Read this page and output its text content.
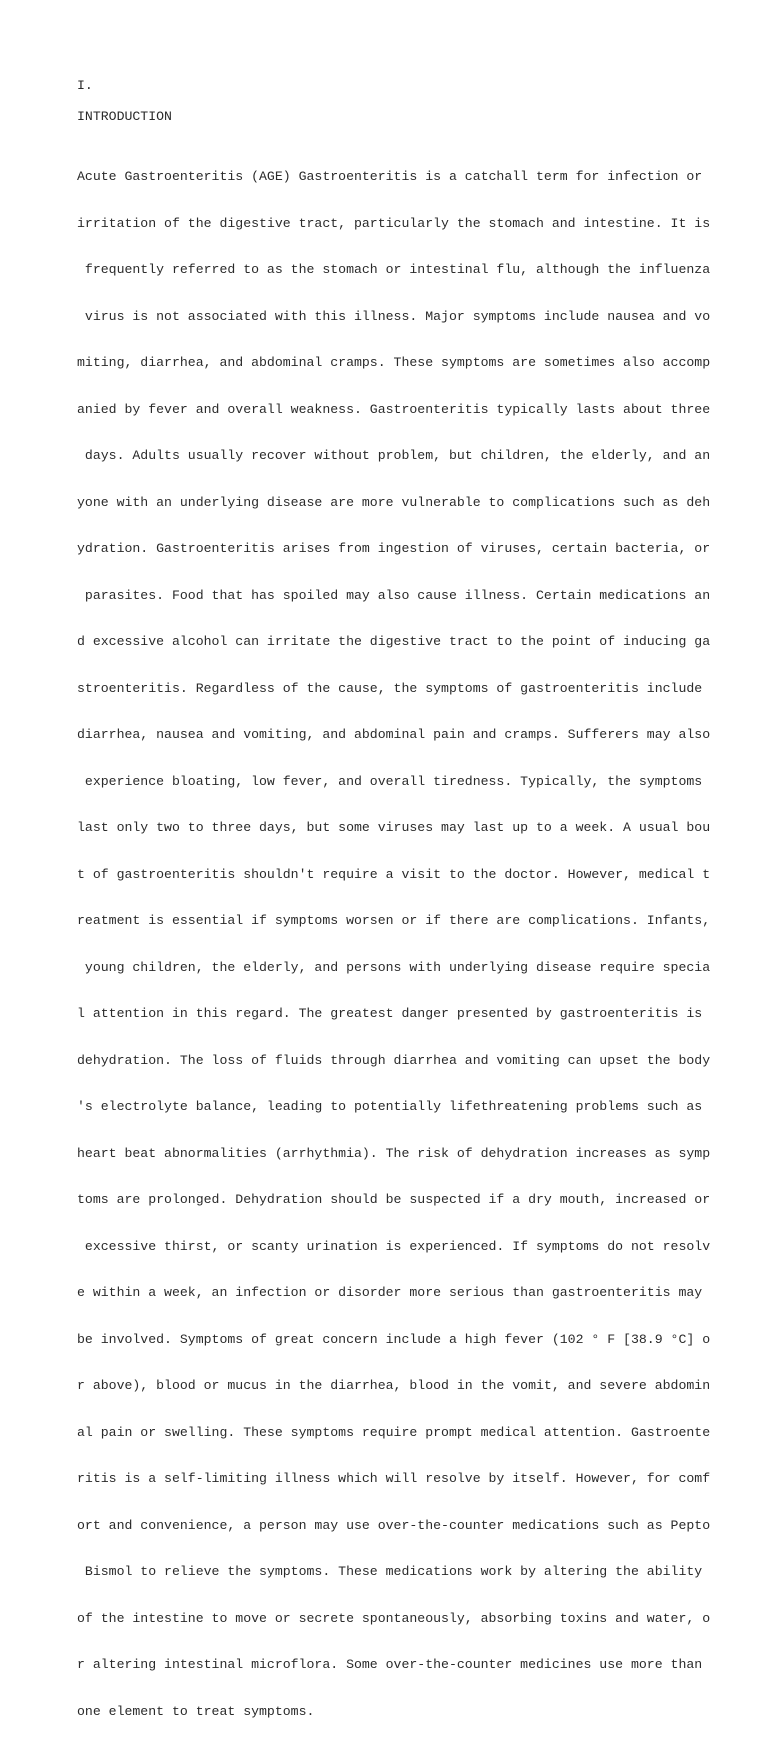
I.
INTRODUCTION

Acute Gastroenteritis (AGE) Gastroenteritis is a catchall term for infection or

irritation of the digestive tract, particularly the stomach and intestine. It is

frequently referred to as the stomach or intestinal flu, although the influenza

virus is not associated with this illness. Major symptoms include nausea and vo

miting, diarrhea, and abdominal cramps. These symptoms are sometimes also accomp

anied by fever and overall weakness. Gastroenteritis typically lasts about three

days. Adults usually recover without problem, but children, the elderly, and an

yone with an underlying disease are more vulnerable to complications such as deh

ydration. Gastroenteritis arises from ingestion of viruses, certain bacteria, or

parasites. Food that has spoiled may also cause illness. Certain medications an

d excessive alcohol can irritate the digestive tract to the point of inducing ga

stroenteritis. Regardless of the cause, the symptoms of gastroenteritis include

diarrhea, nausea and vomiting, and abdominal pain and cramps. Sufferers may also

experience bloating, low fever, and overall tiredness. Typically, the symptoms

last only two to three days, but some viruses may last up to a week. A usual bou

t of gastroenteritis shouldn't require a visit to the doctor. However, medical t

reatment is essential if symptoms worsen or if there are complications. Infants,

young children, the elderly, and persons with underlying disease require specia

l attention in this regard. The greatest danger presented by gastroenteritis is

dehydration. The loss of fluids through diarrhea and vomiting can upset the body

's electrolyte balance, leading to potentially lifethreatening problems such as

heart beat abnormalities (arrhythmia). The risk of dehydration increases as symp

toms are prolonged. Dehydration should be suspected if a dry mouth, increased or

excessive thirst, or scanty urination is experienced. If symptoms do not resolv

e within a week, an infection or disorder more serious than gastroenteritis may

be involved. Symptoms of great concern include a high fever (102 ° F [38.9 °C] o

r above), blood or mucus in the diarrhea, blood in the vomit, and severe abdomin

al pain or swelling. These symptoms require prompt medical attention. Gastroente

ritis is a self-limiting illness which will resolve by itself. However, for comf

ort and convenience, a person may use over-the-counter medications such as Pepto

Bismol to relieve the symptoms. These medications work by altering the ability

of the intestine to move or secrete spontaneously, absorbing toxins and water, o

r altering intestinal microflora. Some over-the-counter medicines use more than

one element to treat symptoms.
